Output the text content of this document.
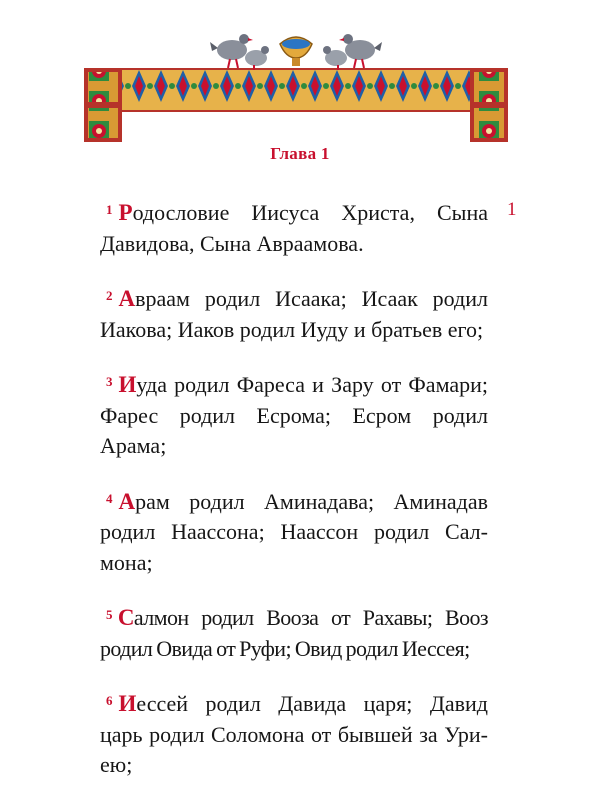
Глава 1
1

$^1$ Родословие Иисуса Христа, Сына Давидова, Сына Авраамова.

$^2$ Авраам родил Исаака; Исаак родил Иакова; Иаков родил Иуду и братьев его;

$^3$ Иуда родил Фареса и Зару от Фамари; Фарес родил Есрома; Есром родил Арама;

$^4$ Арам родил Аминадава; Аминадав родил Наассона; Наассон родил Салмона;

$^5$ Салмон родил Вооза от Рахавы; Вооз родил Овида от Руфи; Овид родил Иессея;

$^6$ Иессей родил Давида царя; Давид царь родил Соломона от бывшей за Уриею;
